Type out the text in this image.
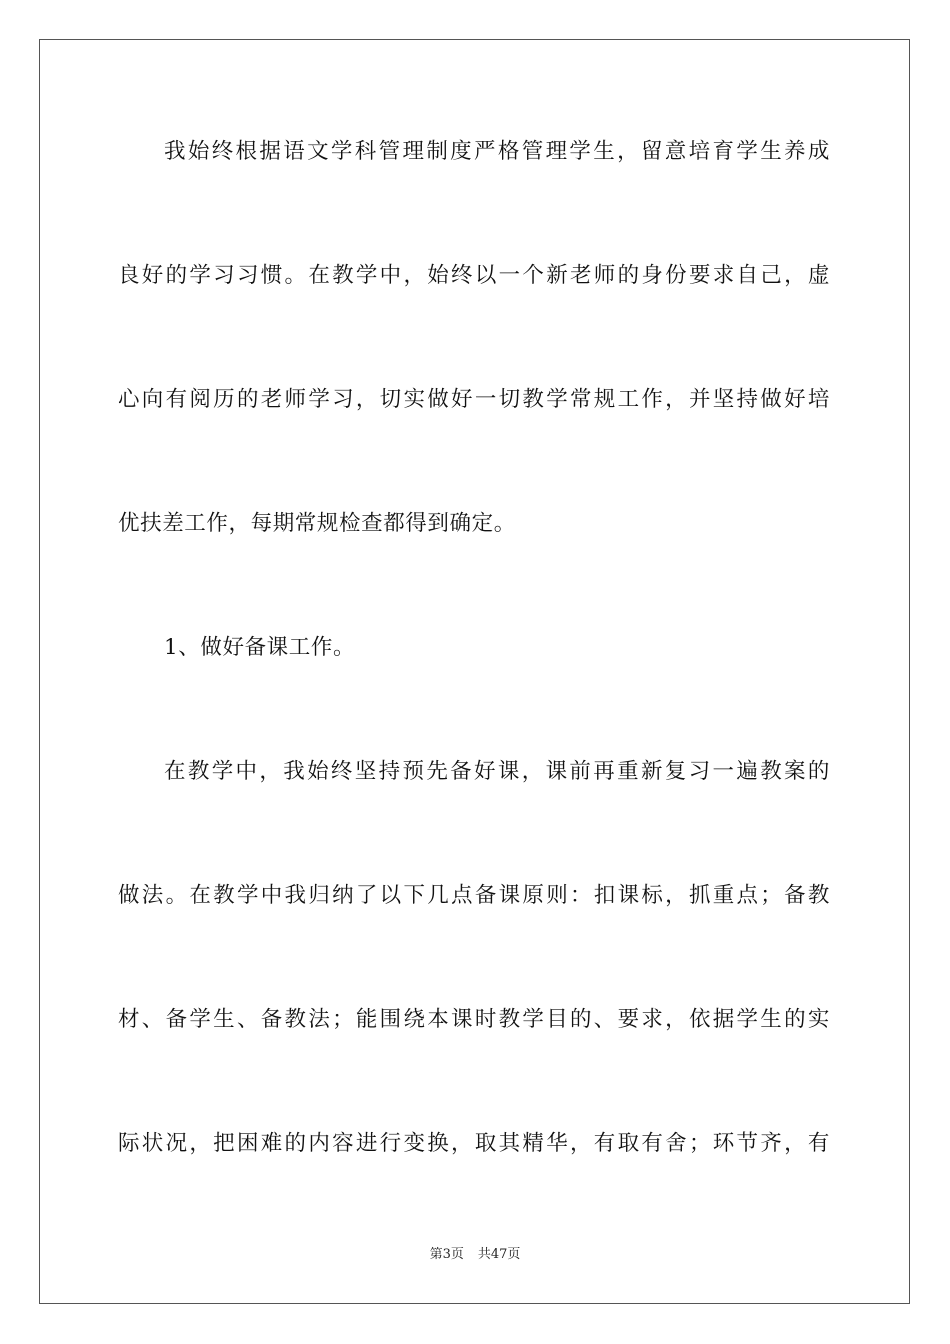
我始终根据语文学科管理制度严格管理学生，留意培育学生养成
良好的学习习惯。在教学中，始终以一个新老师的身份要求自己，虚
心向有阅历的老师学习，切实做好一切教学常规工作，并坚持做好培
优扶差工作，每期常规检查都得到确定。
1、做好备课工作。
在教学中，我始终坚持预先备好课，课前再重新复习一遍教案的
做法。在教学中我归纳了以下几点备课原则：扣课标，抓重点；备教
材、备学生、备教法；能围绕本课时教学目的、要求，依据学生的实
际状况，把困难的内容进行变换，取其精华，有取有舍；环节齐，有
第3页 共47页
